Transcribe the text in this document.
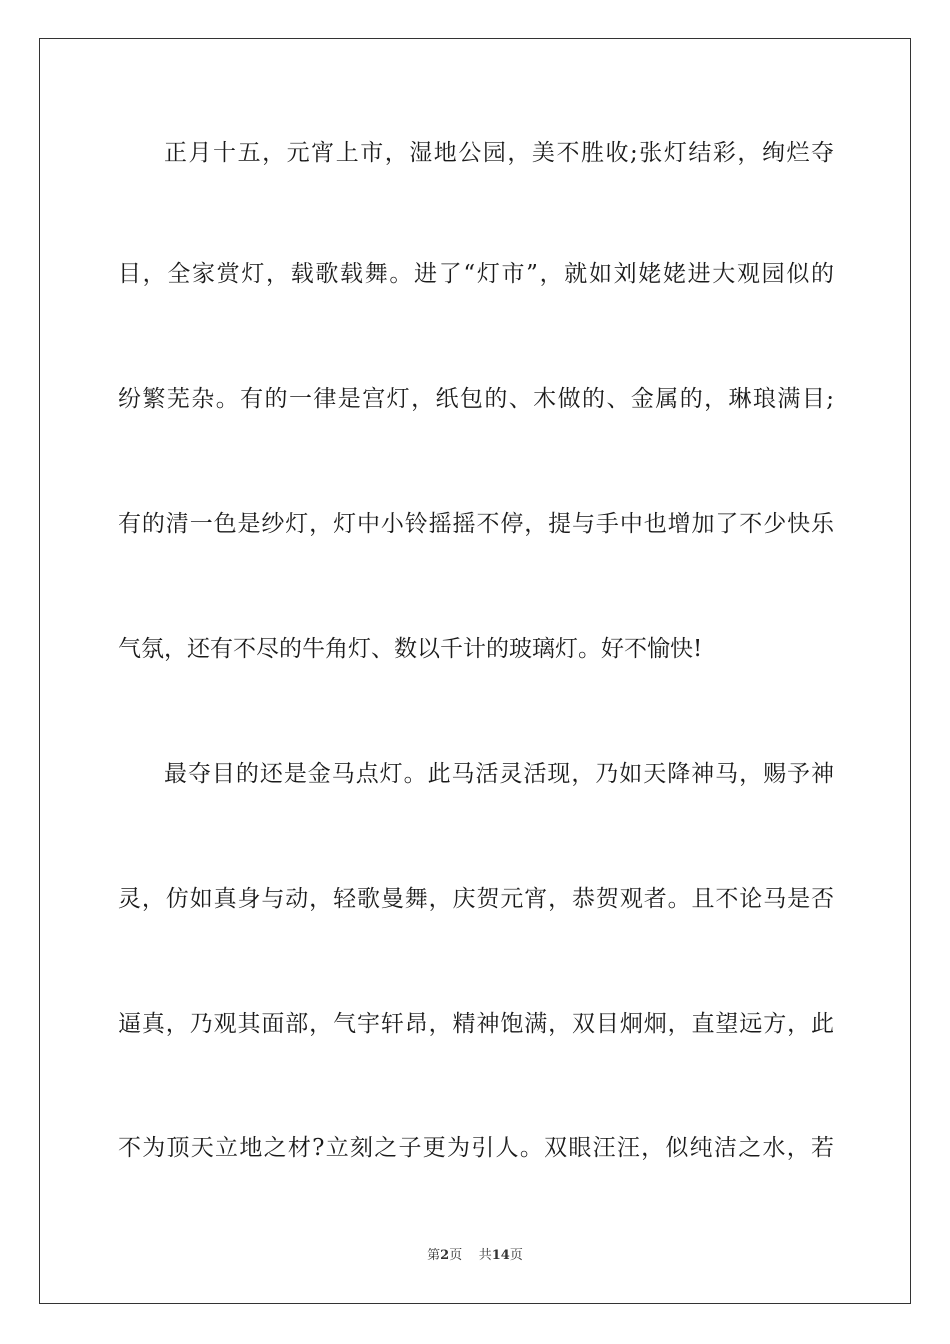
正月十五，元宵上市，湿地公园，美不胜收;张灯结彩，绚烂夺
目，全家赏灯，载歌载舞。进了“灯市”，就如刘姥姥进大观园似的
纷繁芜杂。有的一律是宫灯，纸包的、木做的、金属的，琳琅满目;
有的清一色是纱灯，灯中小铃摇摇不停，提与手中也增加了不少快乐
气氛，还有不尽的牛角灯、数以千计的玻璃灯。好不愉快!
最夺目的还是金马点灯。此马活灵活现，乃如天降神马，赐予神
灵，仿如真身与动，轻歌曼舞，庆贺元宵，恭贺观者。且不论马是否
逼真，乃观其面部，气宇轩昂，精神饱满，双目炯炯，直望远方，此
不为顶天立地之材?立刻之子更为引人。双眼汪汪，似纯洁之水，若
第2页 共14页
